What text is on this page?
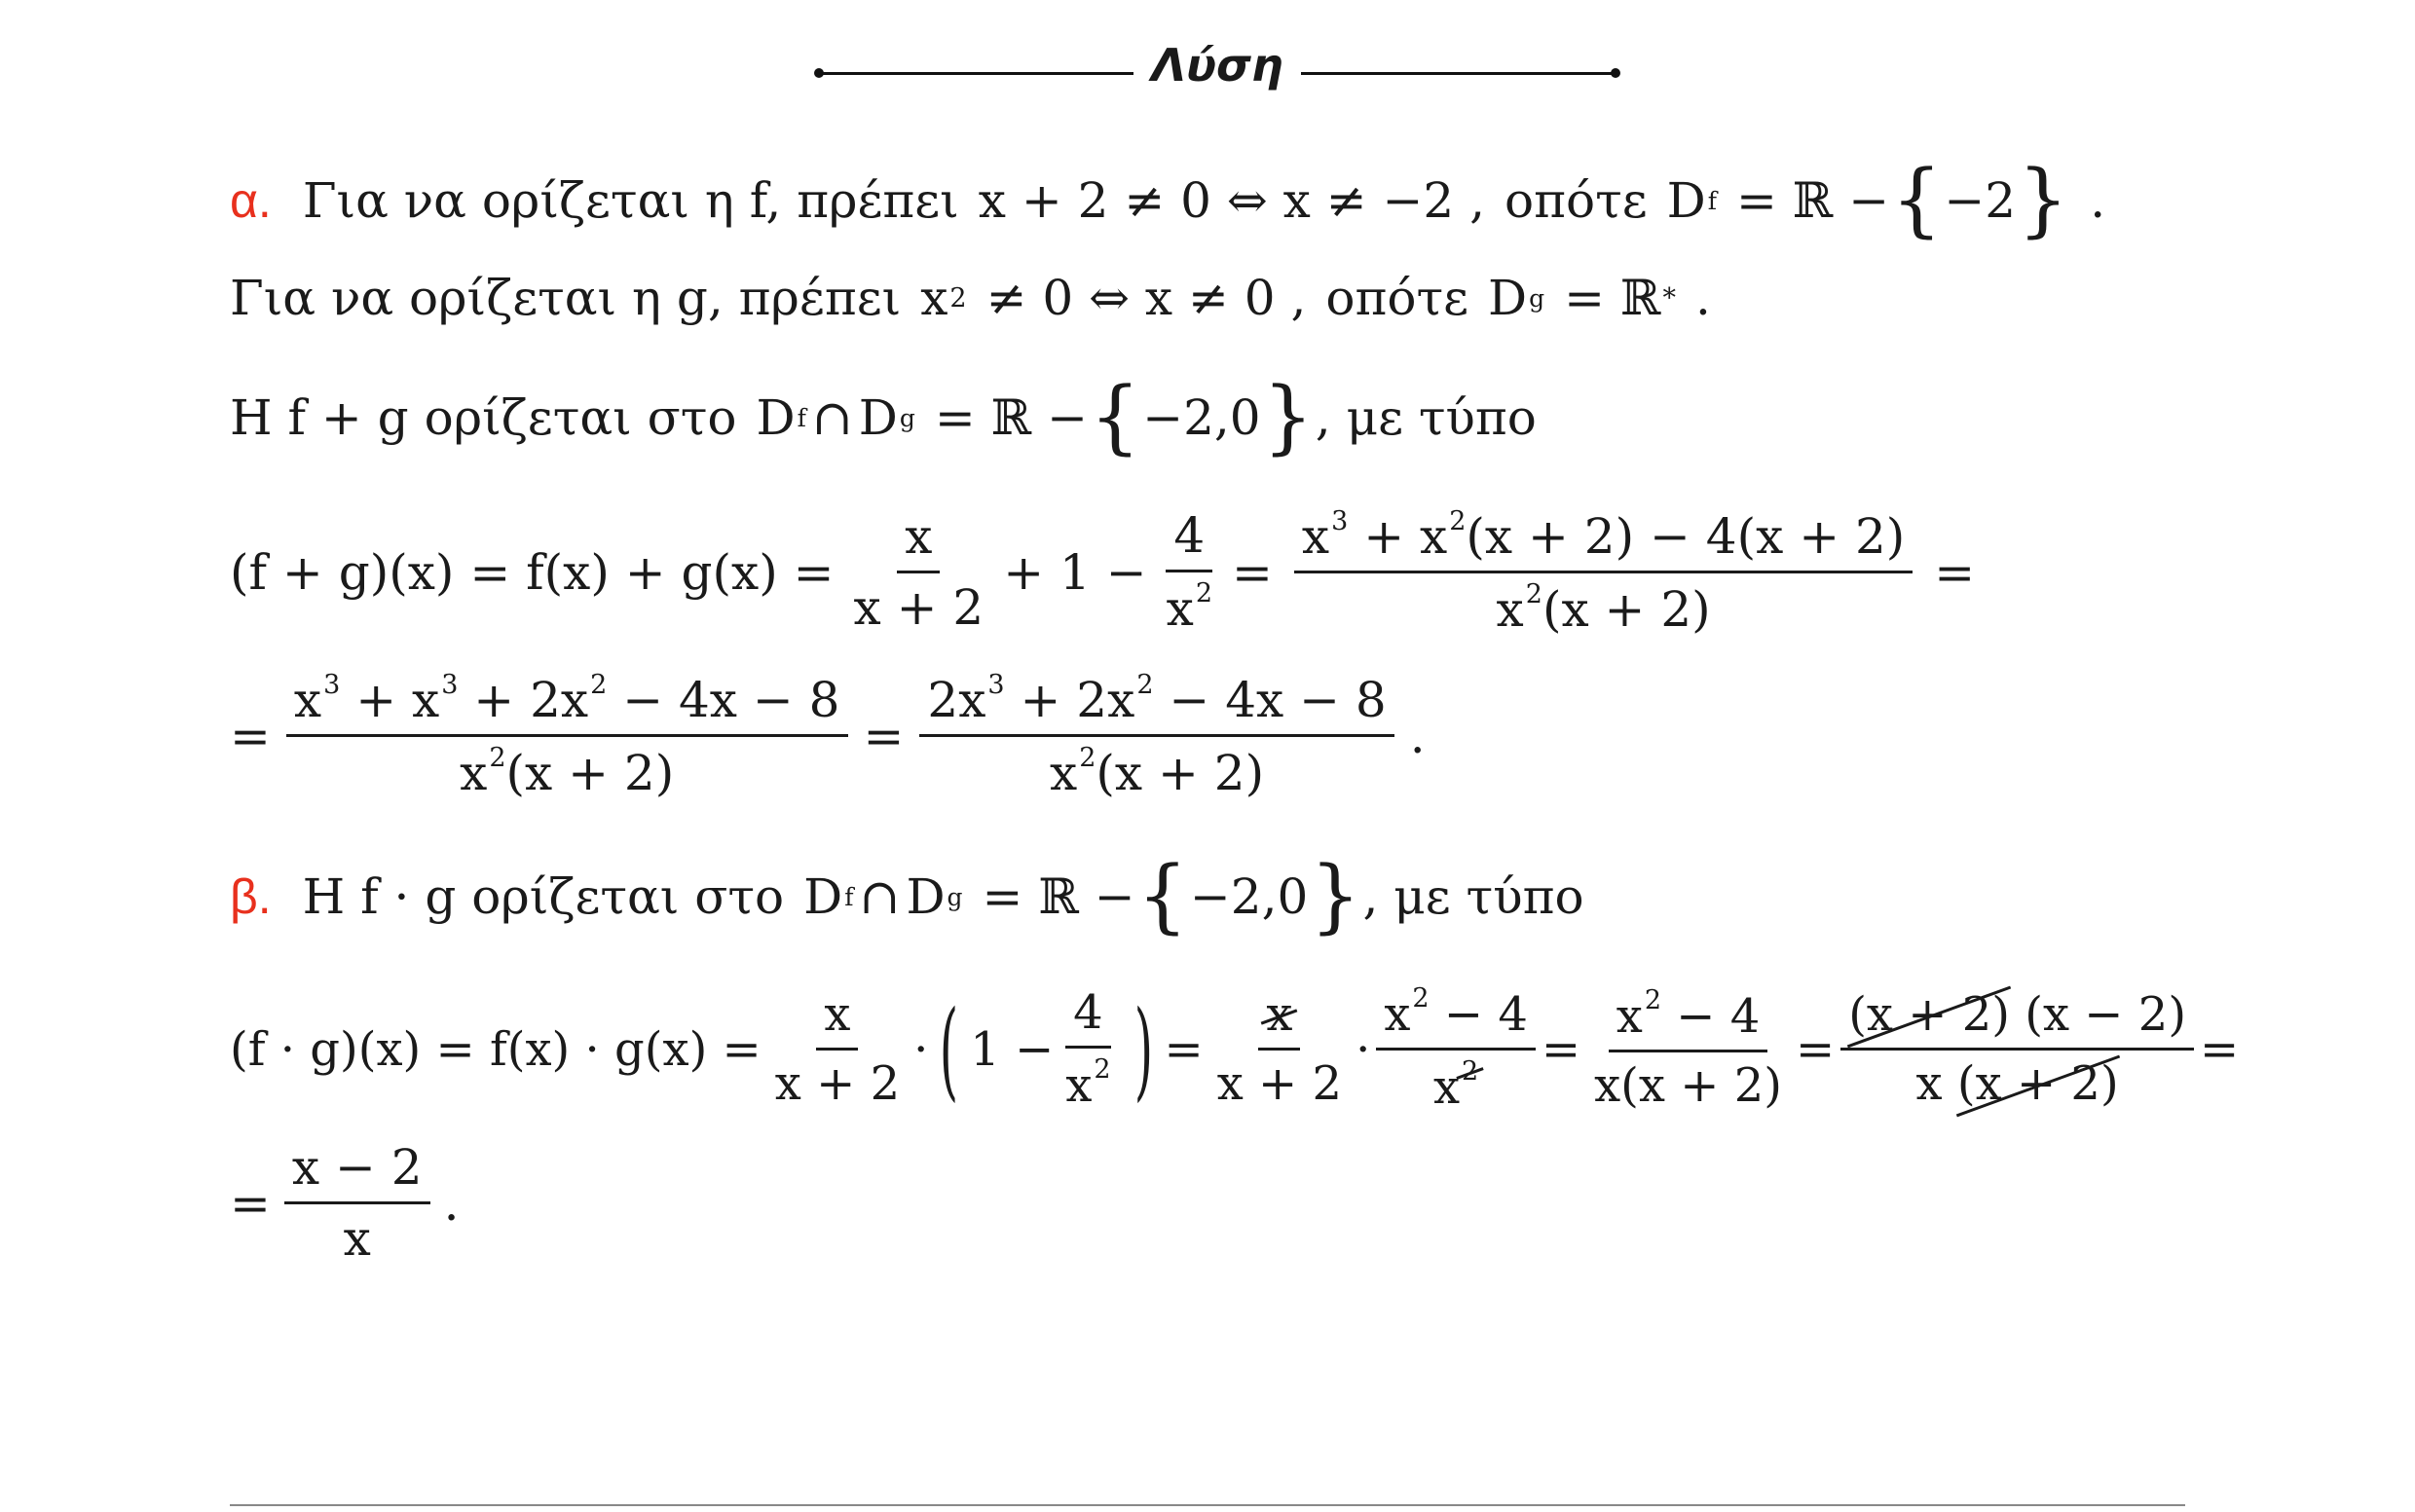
Λύση
α. Για να ορίζεται η f, πρέπει x + 2 ≠ 0 ⇔ x ≠ −2 , οπότε D f = ℝ − { −2 } .
Για να ορίζεται η g, πρέπει x 2 ≠ 0 ⇔ x ≠ 0 , οπότε D g = ℝ * .
H f + g ορίζεται στο D f ∩ D g = ℝ − { −2,0 } , με τύπο
$(f + g)(x) = f(x) + g(x) = \frac{x}{x + 2} + 1 - \frac{4}{x^2} = \frac{x^3 + x^2(x + 2) - 4(x + 2)}{x^2(x + 2)}$ =
= $\frac{x^3 + x^3 + 2x^2 - 4x - 8}{x^2(x + 2)} = \frac{2x^3 + 2x^2 - 4x - 8}{x^2(x + 2)}$ .
β. H f · g ορίζεται στο D f ∩ D g = ℝ − { −2,0 } , με τύπο
$(f \cdot g)(x) = f(x) \cdot g(x) = \frac{x}{x + 2}$ · ( $1 - \frac{4}{x^2}$ ) = $\frac{x}{x + 2} \cdot \frac{x^2 - 4}{x2} = \frac{x^2 - 4}{x(x + 2)} = \frac{(x + 2) (x - 2)}{x (x + 2)}$ =
= $\frac{x - 2}{x}$ .
